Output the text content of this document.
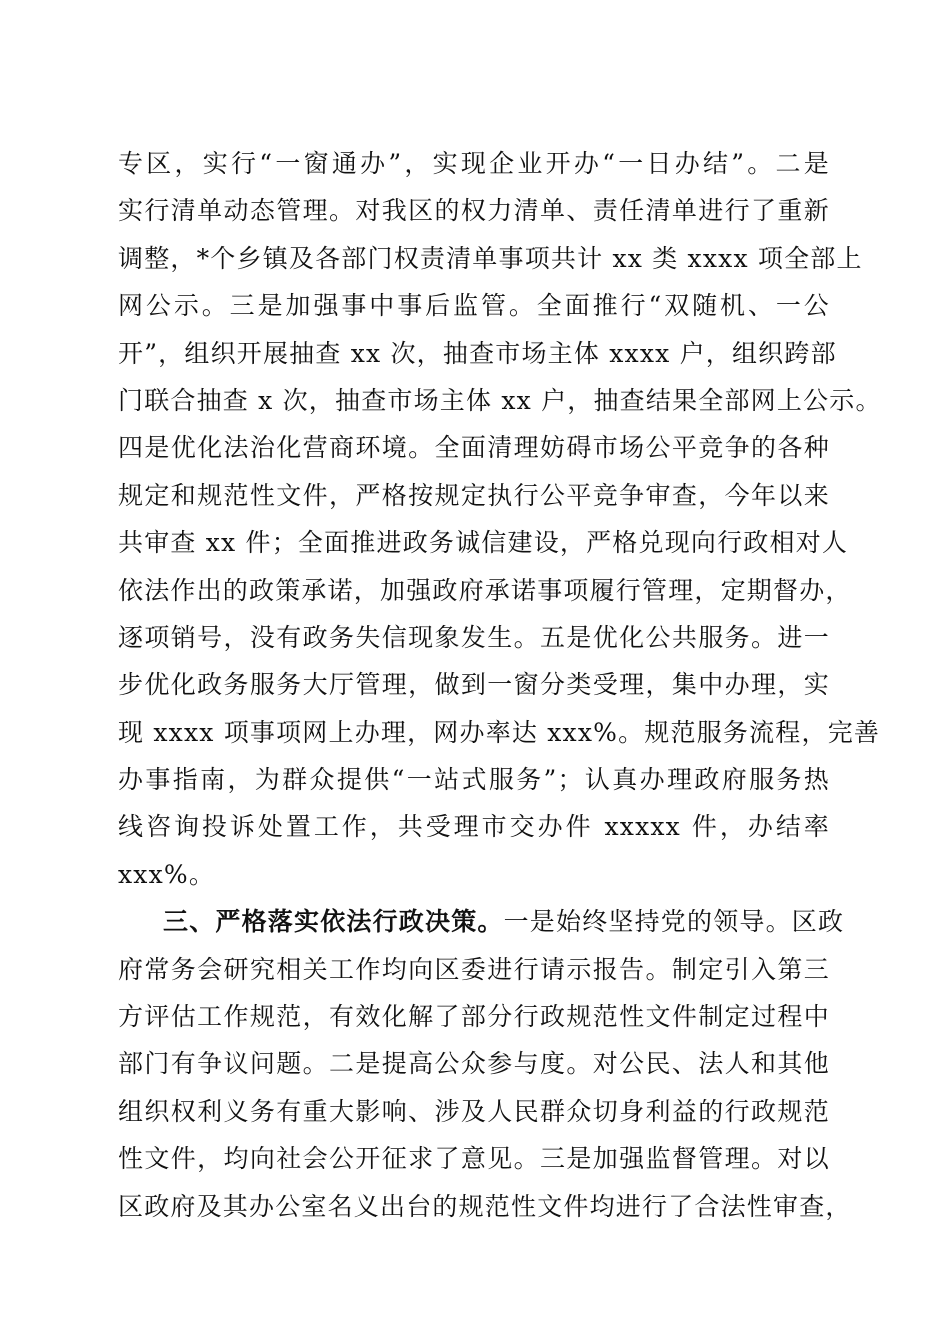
专区，实行“一窗通办”，实现企业开办“一日办结”。二是
实行清单动态管理。对我区的权力清单、责任清单进行了重新
调整，*个乡镇及各部门权责清单事项共计 xx 类 xxxx 项全部上
网公示。三是加强事中事后监管。全面推行“双随机、一公
开”，组织开展抽查 xx 次，抽查市场主体 xxxx 户，组织跨部
门联合抽查 x 次，抽查市场主体 xx 户，抽查结果全部网上公示。
四是优化法治化营商环境。全面清理妨碍市场公平竞争的各种
规定和规范性文件，严格按规定执行公平竞争审查，今年以来
共审查 xx 件；全面推进政务诚信建设，严格兑现向行政相对人
依法作出的政策承诺，加强政府承诺事项履行管理，定期督办，
逐项销号，没有政务失信现象发生。五是优化公共服务。进一
步优化政务服务大厅管理，做到一窗分类受理，集中办理，实
现 xxxx 项事项网上办理，网办率达 xxx%。规范服务流程，完善
办事指南，为群众提供“一站式服务”；认真办理政府服务热
线咨询投诉处置工作，共受理市交办件 xxxxx 件，办结率
xxx%。
三、严格落实依法行政决策。一是始终坚持党的领导。区政
府常务会研究相关工作均向区委进行请示报告。制定引入第三
方评估工作规范，有效化解了部分行政规范性文件制定过程中
部门有争议问题。二是提高公众参与度。对公民、法人和其他
组织权利义务有重大影响、涉及人民群众切身利益的行政规范
性文件，均向社会公开征求了意见。三是加强监督管理。对以
区政府及其办公室名义出台的规范性文件均进行了合法性审查，
